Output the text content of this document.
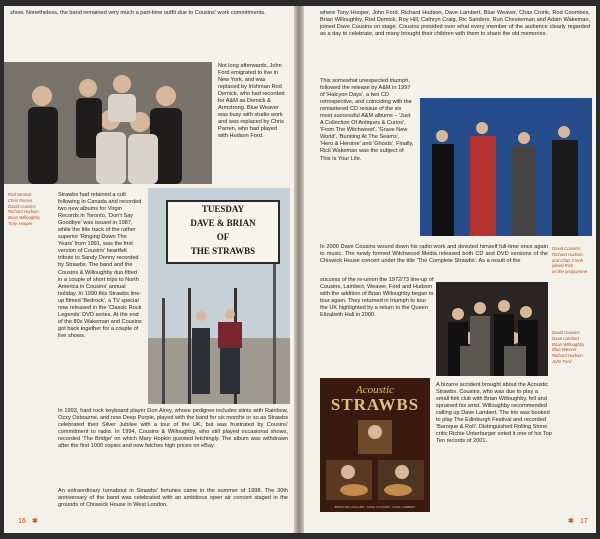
show. Nonetheless, the band remained very much a part-time outfit due to Cousins' work commitments.

Not long afterwards, John Ford emigrated to live in New York, and was replaced by Irishman Rod Demick, who had recorded for A&M as Demick & Armstrong. Blue Weaver was busy with studio work and was replaced by Chris Parren, who had played with Hudson Ford.

Rod Demick
Chris Parren
David Cousins
Richard Hudson
Brian Willoughby
Tony Hooper

Strawbs had retained a cult following in Canada and recorded two new albums for Virgin Records in Toronto, 'Don't Say Goodbye' was issued in 1987, while the title track of the rather superior 'Ringing Down The Years' from 1991, was the first version of Cousins' heartfelt tribute to Sandy Denny recorded by Strawbs. The band and the Cousins & Willoughby duo fitted in a couple of short trips to North America in Cousins' annual holiday. In 1990 this Strawbs line-up filmed 'Bedrock', a TV special now released in the 'Classic Rock Legends' DVD series. At the end of the 80s Wakeman and Cousins got back together for a couple of live shows.

TUESDAY
DAVE & BRIAN
OF
THE STRAWBS

In 1993, hard rock keyboard player Don Airey, whose pedigree includes stints with Rainbow, Ozzy Osbourne, and now Deep Purple, played with the band for six months or so as Strawbs celebrated their Silver Jubilee with a tour of the UK, but was frustrated by Cousins' commitment to radio. In 1994, Cousins & Willoughby, who still played occasional shows, recorded 'The Bridge' on which Mary Hopkin guested fetchingly. The album was withdrawn after the first 1000 copies and now fetches high prices on eBay.

An extraordinary turnabout in Strawbs' fortunes came in the summer of 1998. The 30th anniversary of the band was celebrated with an ambitious open air concert staged in the grounds of Chiswick House in West London,

16 ✽

where Tony Hooper, John Ford, Richard Hudson, Dave Lambert, Blue Weaver, Chas Cronk, Rod Coombes, Brian Willoughby, Rod Demick, Roy Hill, Cathryn Craig, Ric Sanders, Run Chesterman and Adam Wakeman, joined Dave Cousins on stage. Cousins presided over what every member of the audience clearly regarded as a day to celebrate, and many brought their children with them to share the old memories.

This somewhat unexpected triumph, followed the release by A&M in 1997 of 'Halcyon Days', a two CD retrospective, and coinciding with the remastered CD reissue of the six most successful A&M albums – 'Just A Collection Of Antiques & Curios', 'From The Witchwood', 'Grave New World', 'Bursting At The Seams', 'Hero & Heroine' and 'Ghosts'. Finally, Rick Wakeman was the subject of This Is Your Life.

David Cousins,
Richard Hudson
and Chas Cronk
joined Rick
on the programme

In 2000 Dave Cousins wound down his radio work and devoted himself full-time once again to music. The newly formed Witchwood Media released both CD and DVD versions of the Chiswick House concert under the title 'The Complete Strawbs'. As a result of the

success of the re-union the 1972/73 line-up of Cousins, Lambert, Weaver, Ford and Hudson with the addition of Brian Willoughby began to tour again. They returned in triumph to tour the UK highlighted by a return to the Queen Elizabeth Hall in 2000.

David Cousins
Dave Lambert
Brian Willoughby
Blue Weaver
Richard Hudson
John Ford
Acoustic
STRAWBS
BRIAN WILLOUGHBY · DAVE COUSINS · DAVE LAMBERT

A bizarre accident brought about the Acoustic Strawbs. Cousins, who was due to play a small folk club with Brian Willoughby, fell and sprained his wrist. Willoughby recommended calling up Dave Lambert. The trio was booked to play The Edinburgh Festival and recorded 'Baroque & Roll'. Distinguished Rolling Stone critic Richie Unterburger voted it one of his Top Ten records of 2001.

✽ 17
